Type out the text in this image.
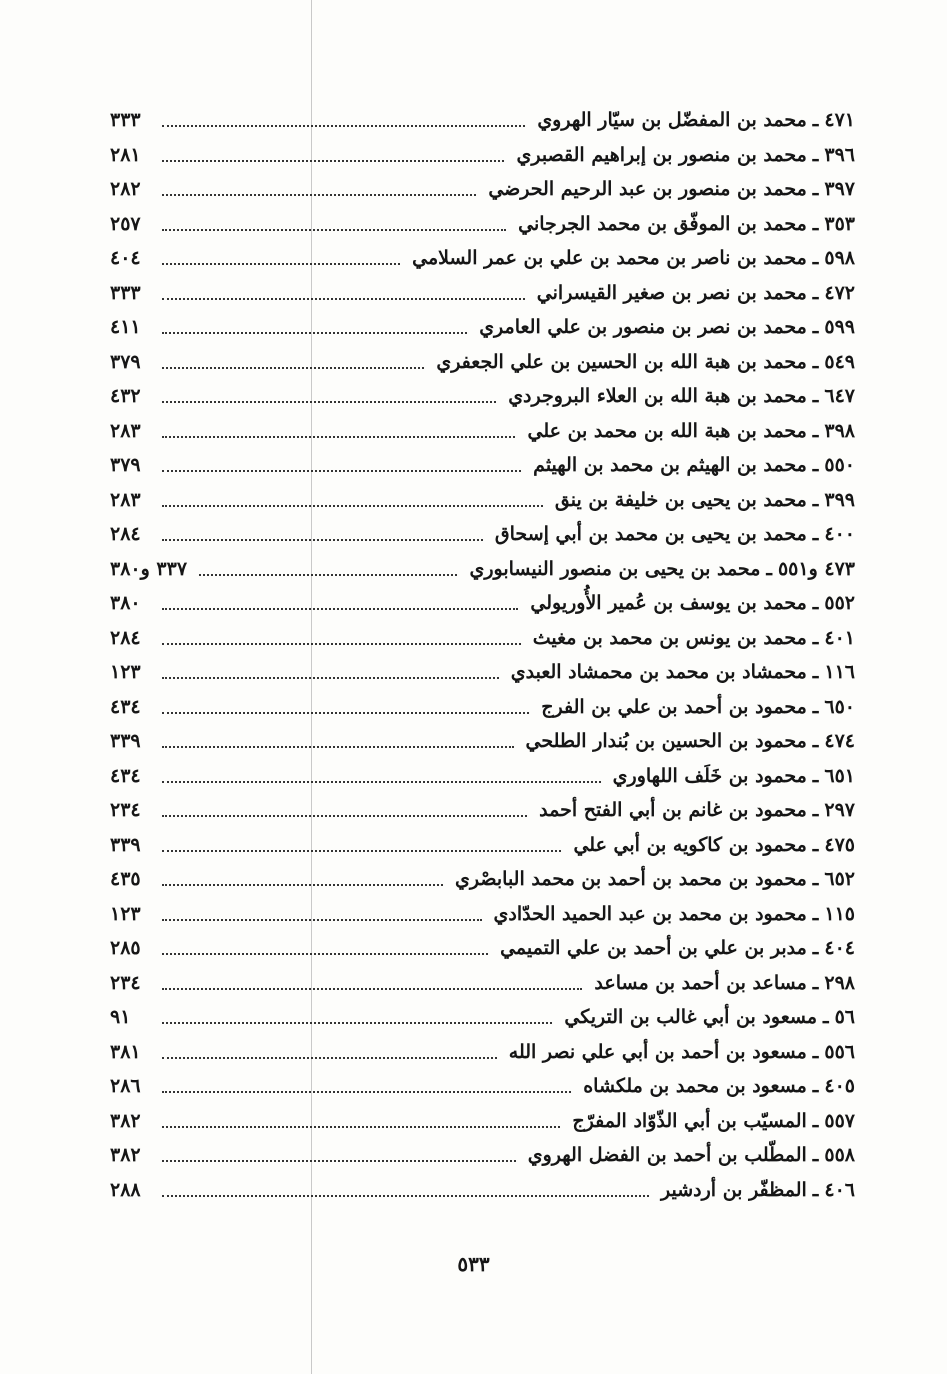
٤٧١
ـ
محمد بن المفضّل بن سيّار الهروي
٣٣٣
٣٩٦
ـ
محمد بن منصور بن إبراهيم القصبري
٢٨١
٣٩٧
ـ
محمد بن منصور بن عبد الرحيم الحرضي
٢٨٢
٣٥٣
ـ
محمد بن الموفّق بن محمد الجرجاني
٢٥٧
٥٩٨
ـ
محمد بن ناصر بن محمد بن علي بن عمر السلامي
٤٠٤
٤٧٢
ـ
محمد بن نصر بن صغير القيسراني
٣٣٣
٥٩٩
ـ
محمد بن نصر بن منصور بن علي العامري
٤١١
٥٤٩
ـ
محمد بن هبة الله بن الحسين بن علي الجعفري
٣٧٩
٦٤٧
ـ
محمد بن هبة الله بن العلاء البروجردي
٤٣٢
٣٩٨
ـ
محمد بن هبة الله بن محمد بن علي
٢٨٣
٥٥٠
ـ
محمد بن الهيثم بن محمد بن الهيثم
٣٧٩
٣٩٩
ـ
محمد بن يحيى بن خليفة بن ينق
٢٨٣
٤٠٠
ـ
محمد بن يحيى بن محمد بن أبي إسحاق
٢٨٤
٤٧٣ و٥٥١
ـ
محمد بن يحيى بن منصور النيسابوري
٣٣٧ و٣٨٠
٥٥٢
ـ
محمد بن يوسف بن عُمير الأُوريولي
٣٨٠
٤٠١
ـ
محمد بن يونس بن محمد بن مغيث
٢٨٤
١١٦
ـ
محمشاد بن محمد بن محمشاد العبدي
١٢٣
٦٥٠
ـ
محمود بن أحمد بن علي بن الفرج
٤٣٤
٤٧٤
ـ
محمود بن الحسين بن بُندار الطلحي
٣٣٩
٦٥١
ـ
محمود بن خَلَف اللهاوري
٤٣٤
٢٩٧
ـ
محمود بن غانم بن أبي الفتح أحمد
٢٣٤
٤٧٥
ـ
محمود بن كاكويه بن أبي علي
٣٣٩
٦٥٢
ـ
محمود بن محمد بن أحمد بن محمد البابصْري
٤٣٥
١١٥
ـ
محمود بن محمد بن عبد الحميد الحدّادي
١٢٣
٤٠٤
ـ
مدبر بن علي بن أحمد بن علي التميمي
٢٨٥
٢٩٨
ـ
مساعد بن أحمد بن مساعد
٢٣٤
٥٦
ـ
مسعود بن أبي غالب بن التريكي
٩١
٥٥٦
ـ
مسعود بن أحمد بن أبي علي نصر الله
٣٨١
٤٠٥
ـ
مسعود بن محمد بن ملكشاه
٢٨٦
٥٥٧
ـ
المسيّب بن أبي الذّوّاد المفرّج
٣٨٢
٥٥٨
ـ
المطّلب بن أحمد بن الفضل الهروي
٣٨٢
٤٠٦
ـ
المظفّر بن أردشير
٢٨٨
٥٣٣
